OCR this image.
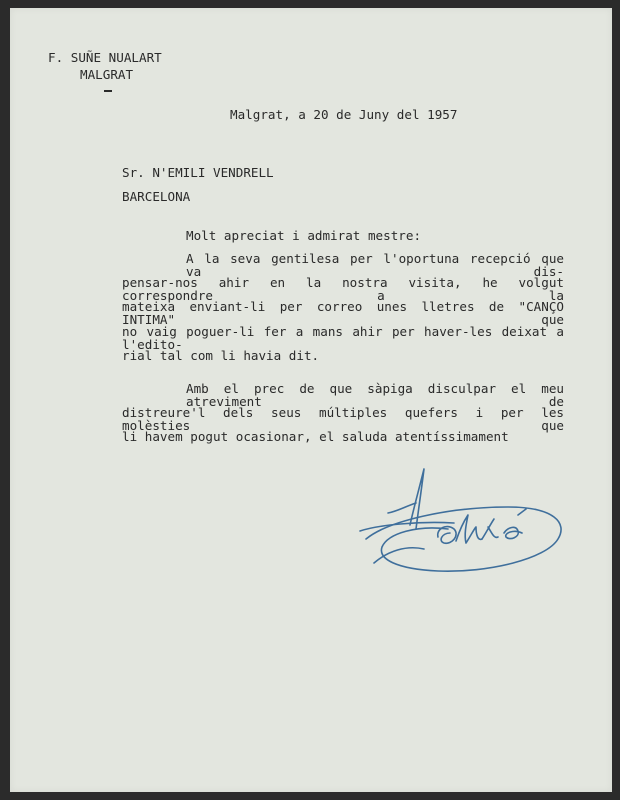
F. SUÑE NUALART
MALGRAT
Malgrat, a 20 de Juny del 1957
Sr. N'EMILI VENDRELL
BARCELONA
Molt apreciat i admirat mestre:
A la seva gentilesa per l'oportuna recepció que va dis-
pensar-nos ahir en la nostra visita, he volgut correspondre a la
mateixa enviant-li per correo unes lletres de "CANÇO INTIMA" que
no vaig poguer-li fer a mans ahir per haver-les deixat a l'edito-
rial tal com li havia dit.
Amb el prec de que sàpiga disculpar el meu atreviment de
distreure'l dels seus múltiples quefers i per les molèsties que
li havem pogut ocasionar, el saluda atentíssimament
